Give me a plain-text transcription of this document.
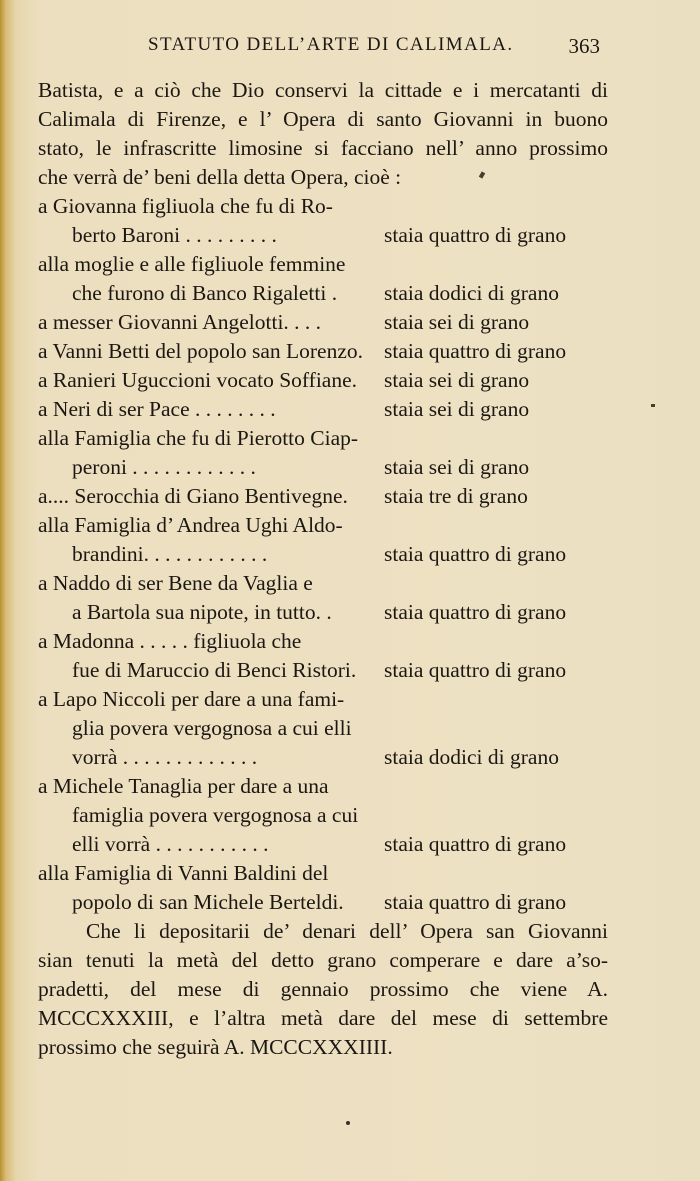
STATUTO DELL’ARTE DI CALIMALA.	363
Batista, e a ciò che Dio conservi la cittade e i mercatanti di
Calimala di Firenze, e l’ Opera di santo Giovanni in buono
stato, le infrascritte limosine si facciano nell’ anno prossimo
che verrà de’ beni della detta Opera, cioè :
a Giovanna figliuola che fu di Ro-
berto Baroni . . . . . . . . .	staia quattro di grano
alla moglie e alle figliuole femmine
che furono di Banco Rigaletti .	staia dodici di grano
a messer Giovanni Angelotti. . . .	staia sei di grano
a Vanni Betti del popolo san Lorenzo. staia quattro di grano
a Ranieri Uguccioni vocato Soffiane.	staia sei di grano
a Neri di ser Pace . . . . . . . .	staia sei di grano
alla Famiglia che fu di Pierotto Ciap-
peroni . . . . . . . . . . . .	staia sei di grano
a.... Serocchia di Giano Bentivegne.	staia tre di grano
alla Famiglia d’ Andrea Ughi Aldo-
brandini. . . . . . . . . . . .	staia quattro di grano
a Naddo di ser Bene da Vaglia e
a Bartola sua nipote, in tutto. .	staia quattro di grano
a Madonna . . . . . figliuola che
fue di Maruccio di Benci Ristori.	staia quattro di grano
a Lapo Niccoli per dare a una fami-
glia povera vergognosa a cui elli
vorrà . . . . . . . . . . . . .	staia dodici di grano
a Michele Tanaglia per dare a una
famiglia povera vergognosa a cui
elli vorrà . . . . . . . . . . .	staia quattro di grano
alla Famiglia di Vanni Baldini del
popolo di san Michele Berteldi.	staia quattro di grano
Che li depositarii de’ denari dell’ Opera san Giovanni
sian tenuti la metà del detto grano comperare e dare a’so-
pradetti, del mese di gennaio prossimo che viene A.
MCCCXXXIII, e l’altra metà dare del mese di settembre
prossimo che seguirà A. MCCCXXXIIII.
